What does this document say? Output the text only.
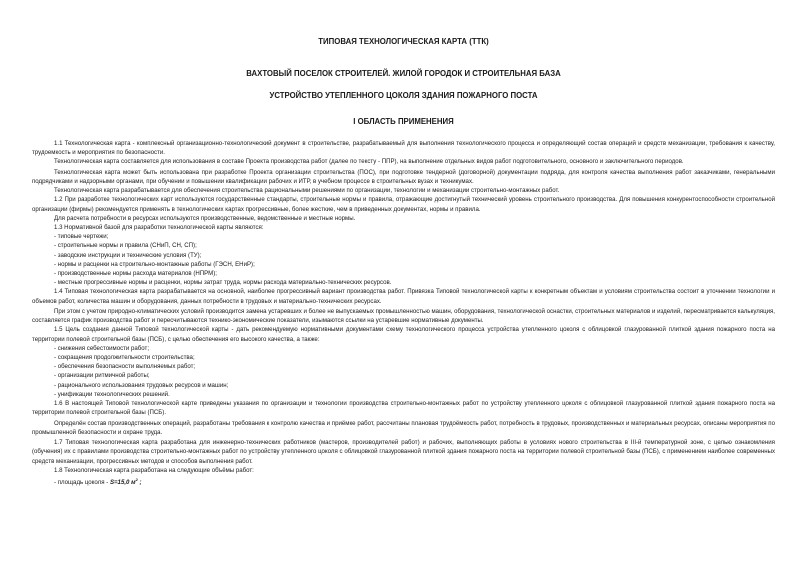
ТИПОВАЯ ТЕХНОЛОГИЧЕСКАЯ КАРТА (ТТК)
ВАХТОВЫЙ ПОСЕЛОК СТРОИТЕЛЕЙ. ЖИЛОЙ ГОРОДОК И СТРОИТЕЛЬНАЯ БАЗА
УСТРОЙСТВО УТЕПЛЕННОГО ЦОКОЛЯ ЗДАНИЯ ПОЖАРНОГО ПОСТА
I ОБЛАСТЬ ПРИМЕНЕНИЯ

1.1 Технологическая карта - комплексный организационно-технологический документ в строительстве, разрабатываемый для выполнения технологического процесса и определяющий состав операций и средств механизации, требования к качеству, трудоемкость и мероприятия по безопасности.

Технологическая карта составляется для использования в составе Проекта производства работ (далее по тексту - ППР), на выполнение отдельных видов работ подготовительного, основного и заключительного периодов.

Технологическая карта может быть использована при разработке Проекта организации строительства (ПОС), при подготовке тендерной (договорной) документации подряда, для контроля качества выполнения работ заказчиками, генеральными подрядчиками и надзорными органами, при обучении и повышении квалификации рабочих и ИТР, в учебном процессе в строительных вузах и техникумах.

Технологическая карта разрабатывается для обеспечения строительства рациональными решениями по организации, технологии и механизации строительно-монтажных работ.

1.2 При разработке технологических карт используются государственные стандарты, строительные нормы и правила, отражающие достигнутый технический уровень строительного производства. Для повышения конкурентоспособности строительной организации (фирмы) рекомендуется применять в технологических картах прогрессивные, более жесткие, чем в приведенных документах, нормы и правила.

Для расчета потребности в ресурсах используются производственные, ведомственные и местные нормы.

1.3 Нормативной базой для разработки технологической карты являются:

- типовые чертежи;

- строительные нормы и правила (СНиП, СН, СП);

- заводские инструкции и технические условия (ТУ);

- нормы и расценки на строительно-монтажные работы (ГЭСН, ЕНиР);

- производственные нормы расхода материалов (НПРМ);

- местные прогрессивные нормы и расценки, нормы затрат труда, нормы расхода материально-технических ресурсов.

1.4 Типовая технологическая карта разрабатывается на основной, наиболее прогрессивный вариант производства работ. Привязка Типовой технологической карты к конкретным объектам и условиям строительства состоит в уточнении технологии и объемов работ, количества машин и оборудования, данных потребности в трудовых и материально-технических ресурсах.

При этом с учетом природно-климатических условий производится замена устаревших и более не выпускаемых промышленностью машин, оборудования, технологической оснастки, строительных материалов и изделий, пересматривается калькуляция, составляется график производства работ и пересчитываются технико-экономические показатели, изымаются ссылки на устаревшие нормативные документы.

1.5 Цель создания данной Типовой технологической карты - дать рекомендуемую нормативными документами схему технологического процесса устройства утепленного цоколя с облицовкой глазурованной плиткой здания пожарного поста на территории полевой строительной базы (ПСБ), с целью обеспечения его высокого качества, а также:

- снижения себестоимости работ;

- сокращения продолжительности строительства;

- обеспечения безопасности выполняемых работ;

- организации ритмичной работы;

- рационального использования трудовых ресурсов и машин;

- унификации технологических решений.

1.6 В настоящей Типовой технологической карте приведены указания по организации и технологии производства строительно-монтажных работ по устройству утепленного цоколя с облицовкой глазурованной плиткой здания пожарного поста на территории полевой строительной базы (ПСБ).

Определён состав производственных операций, разработаны требования к контролю качества и приёмке работ, рассчитаны плановая трудоёмкость работ, потребность в трудовых, производственных и материальных ресурсах, описаны мероприятия по промышленной безопасности и охране труда.

1.7 Типовая технологическая карта разработана для инженерно-технических работников (мастеров, производителей работ) и рабочих, выполняющих работы в условиях нового строительства в III-й температурной зоне, с целью ознакомления (обучения) их с правилами производства строительно-монтажных работ по устройству утепленного цоколя с облицовкой глазурованной плиткой здания пожарного поста на территории полевой строительной базы (ПСБ), с применением наиболее современных средств механизации, прогрессивных методов и способов выполнения работ.

1.8 Технологическая карта разработана на следующие объёмы работ:

- площадь цоколя - S=15,0 $м^2$ ;
